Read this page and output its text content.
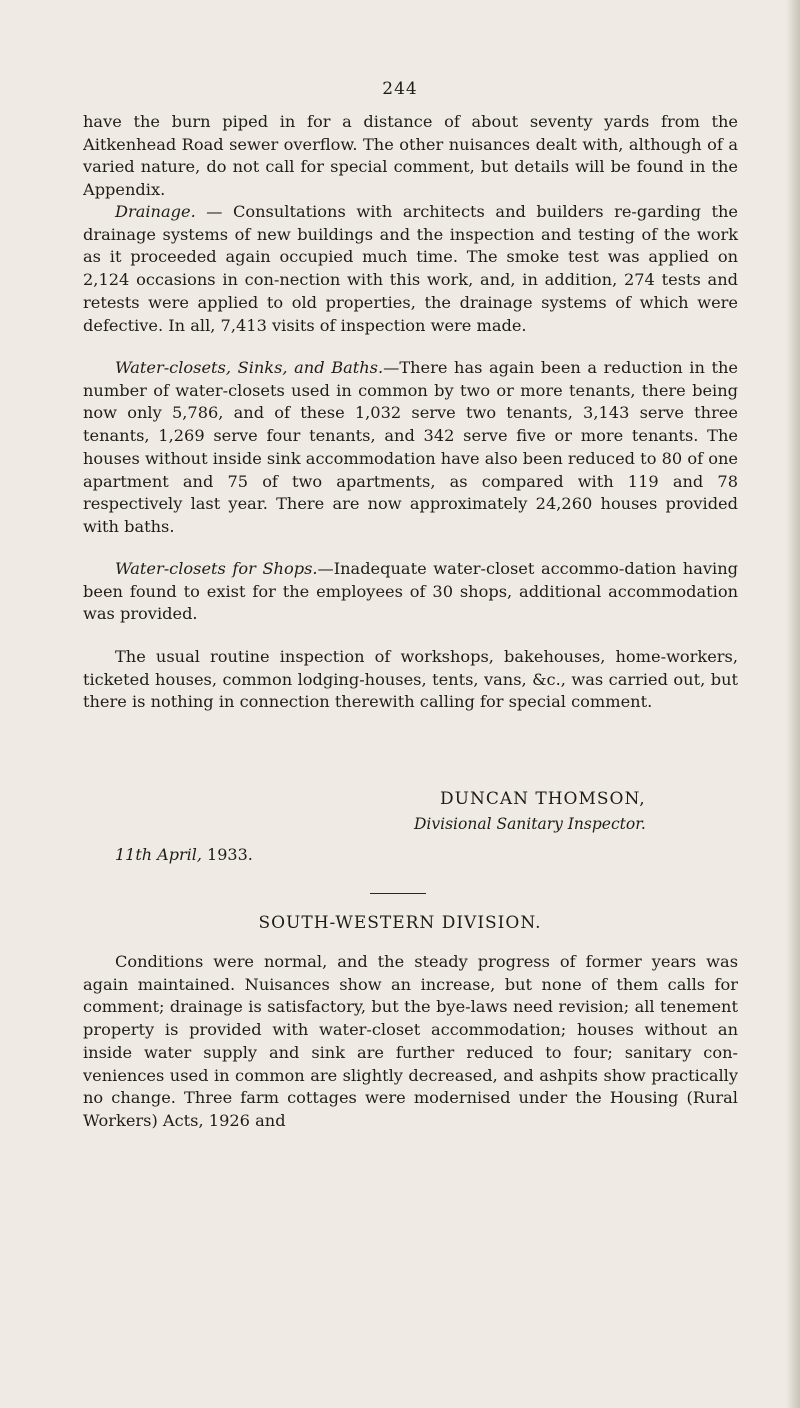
244

have the burn piped in for a distance of about seventy yards from the Aitkenhead Road sewer overflow. The other nuisances dealt with, although of a varied nature, do not call for special comment, but details will be found in the Appendix.

Drainage. — Consultations with architects and builders re-garding the drainage systems of new buildings and the inspection and testing of the work as it proceeded again occupied much time. The smoke test was applied on 2,124 occasions in con-nection with this work, and, in addition, 274 tests and retests were applied to old properties, the drainage systems of which were defective. In all, 7,413 visits of inspection were made.

Water-closets, Sinks, and Baths.—There has again been a reduction in the number of water-closets used in common by two or more tenants, there being now only 5,786, and of these 1,032 serve two tenants, 3,143 serve three tenants, 1,269 serve four tenants, and 342 serve five or more tenants. The houses without inside sink accommodation have also been reduced to 80 of one apartment and 75 of two apartments, as compared with 119 and 78 respectively last year. There are now approximately 24,260 houses provided with baths.

Water-closets for Shops.—Inadequate water-closet accommo-dation having been found to exist for the employees of 30 shops, additional accommodation was provided.

The usual routine inspection of workshops, bakehouses, home-workers, ticketed houses, common lodging-houses, tents, vans, &c., was carried out, but there is nothing in connection therewith calling for special comment.

DUNCAN THOMSON,
Divisional Sanitary Inspector.
11th April, 1933.
SOUTH-WESTERN DIVISION.

Conditions were normal, and the steady progress of former years was again maintained. Nuisances show an increase, but none of them calls for comment; drainage is satisfactory, but the bye-laws need revision; all tenement property is provided with water-closet accommodation; houses without an inside water supply and sink are further reduced to four; sanitary con-veniences used in common are slightly decreased, and ashpits show practically no change. Three farm cottages were modernised under the Housing (Rural Workers) Acts, 1926 and
